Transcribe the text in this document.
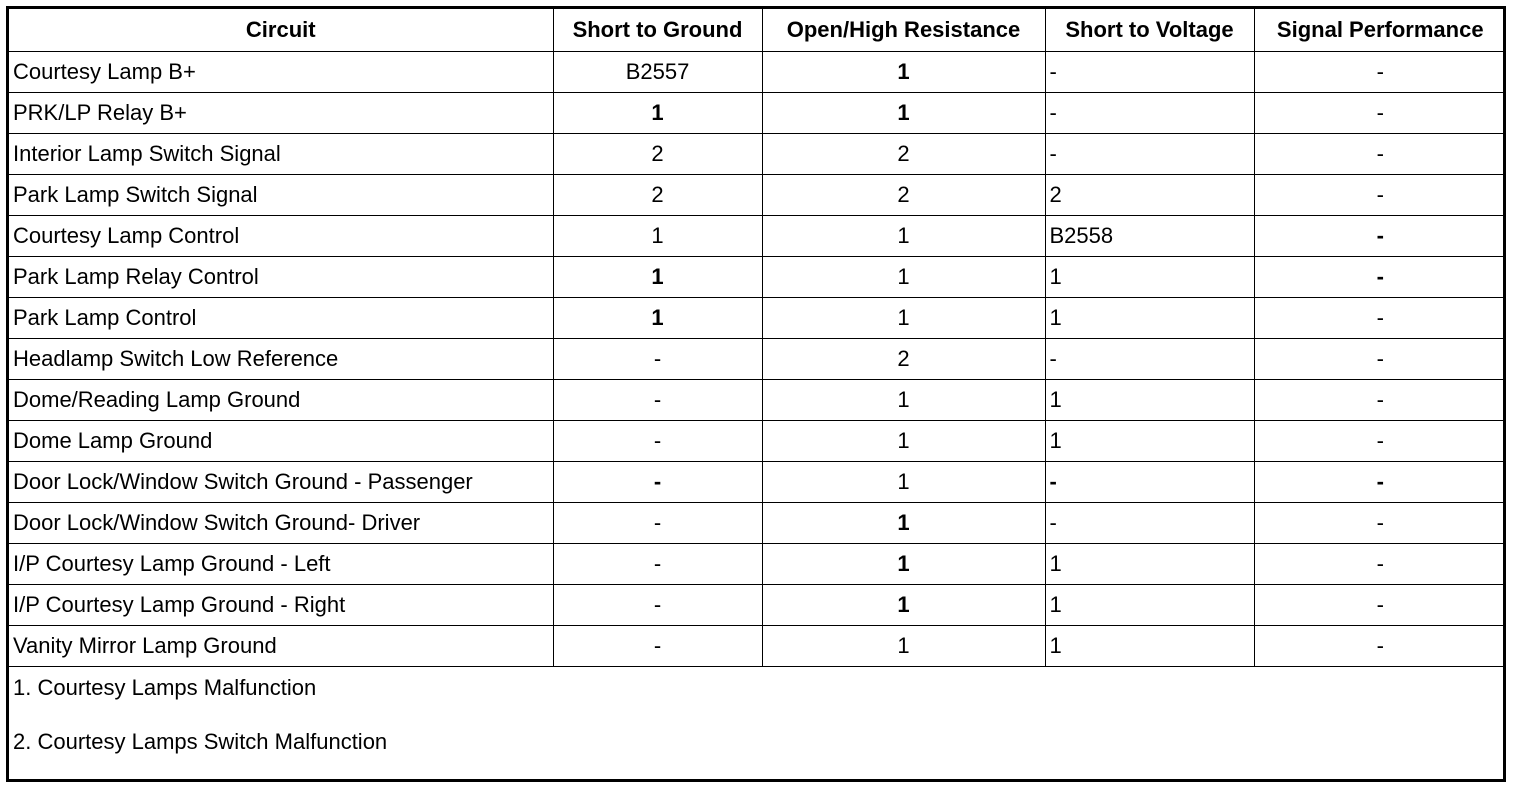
Circuit	Short to Ground	Open/High Resistance	Short to Voltage	Signal Performance
Courtesy Lamp B+	B2557	1	-	-
PRK/LP Relay B+	1	1	-	-
Interior Lamp Switch Signal	2	2	-	-
Park Lamp Switch Signal	2	2	2	-
Courtesy Lamp Control	1	1	B2558	-
Park Lamp Relay Control	1	1	1	-
Park Lamp Control	1	1	1	-
Headlamp Switch Low Reference	-	2	-	-
Dome/Reading Lamp Ground	-	1	1	-
Dome Lamp Ground	-	1	1	-
Door Lock/Window Switch Ground - Passenger	-	1	-	-
Door Lock/Window Switch Ground- Driver	-	1	-	-
I/P Courtesy Lamp Ground - Left	-	1	1	-
I/P Courtesy Lamp Ground - Right	-	1	1	-
Vanity Mirror Lamp Ground	-	1	1	-

1. Courtesy Lamps Malfunction
2. Courtesy Lamps Switch Malfunction				
